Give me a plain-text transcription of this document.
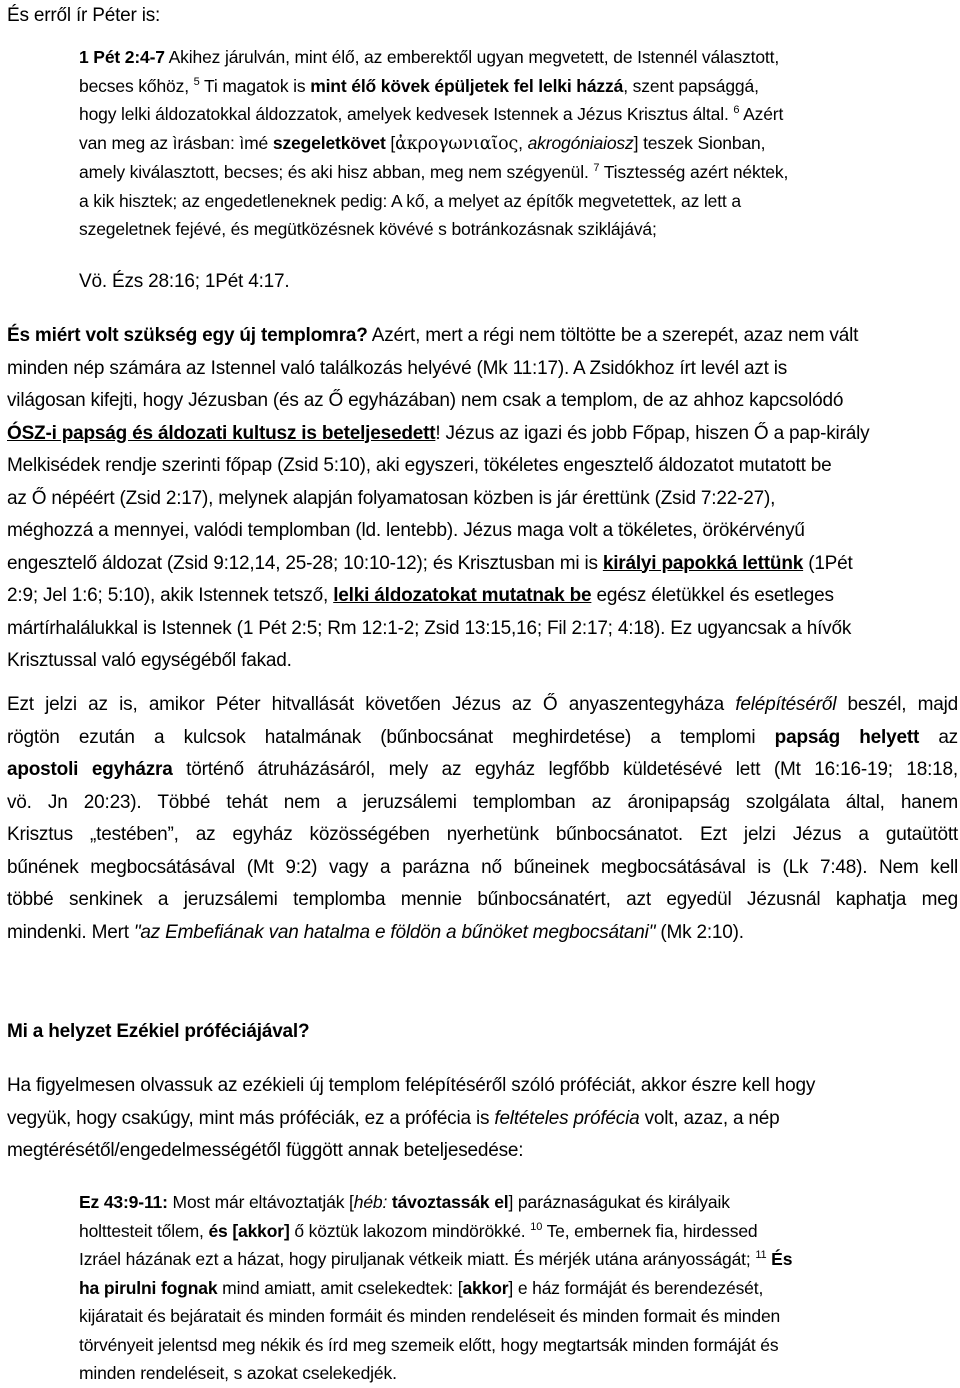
És erről ír Péter is:
1 Pét 2:4-7 Akihez járulván, mint élő, az emberektől ugyan megvetett, de Istennél választott,
becses kőhöz, $^5$ Ti magatok is mint élő kövek épüljetek fel lelki házzá, szent papsággá,
hogy lelki áldozatokkal áldozzatok, amelyek kedvesek Istennek a Jézus Krisztus által. $^6$ Azért
van meg az ìrásban: ìmé szegeletkövet [ἀκρογωνιαῖος, akrogóniaiosz] teszek Sionban,
amely kiválasztott, becses; és aki hisz abban, meg nem szégyenül. $^7$ Tisztesség azért néktek,
a kik hisztek; az engedetleneknek pedig: A kő, a melyet az építők megvetettek, az lett a
szegeletnek fejévé, és megütközésnek kövévé s botránkozásnak sziklájává;
Vö. Ézs 28:16; 1Pét 4:17.
És miért volt szükség egy új templomra? Azért, mert a régi nem töltötte be a szerepét, azaz nem vált
minden nép számára az Istennel való találkozás helyévé (Mk 11:17). A Zsidókhoz írt levél azt is
világosan kifejti, hogy Jézusban (és az Ő egyházában) nem csak a templom, de az ahhoz kapcsolódó
ÓSZ-i papság és áldozati kultusz is beteljesedett! Jézus az igazi és jobb Főpap, hiszen Ő a pap-király
Melkisédek rendje szerinti főpap (Zsid 5:10), aki egyszeri, tökéletes engesztelő áldozatot mutatott be
az Ő népéért (Zsid 2:17), melynek alapján folyamatosan közben is jár érettünk (Zsid 7:22-27),
méghozzá a mennyei, valódi templomban (ld. lentebb). Jézus maga volt a tökéletes, örökérvényű
engesztelő áldozat (Zsid 9:12,14, 25-28; 10:10-12); és Krisztusban mi is királyi papokká lettünk (1Pét
2:9; Jel 1:6; 5:10), akik Istennek tetsző, lelki áldozatokat mutatnak be egész életükkel és esetleges
mártírhalálukkal is Istennek (1 Pét 2:5; Rm 12:1-2; Zsid 13:15,16; Fil 2:17; 4:18). Ez ugyancsak a hívők
Krisztussal való egységéből fakad.
Ezt jelzi az is, amikor Péter hitvallását követően Jézus az Ő anyaszentegyháza felépítéséről beszél, majd
rögtön ezután a kulcsok hatalmának (bűnbocsánat meghirdetése) a templomi papság helyett az
apostoli egyházra történő átruházásáról, mely az egyház legfőbb küldetésévé lett (Mt 16:16-19; 18:18,
vö. Jn 20:23). Többé tehát nem a jeruzsálemi templomban az áronipapság szolgálata által, hanem
Krisztus „testében”, az egyház közösségében nyerhetünk bűnbocsánatot. Ezt jelzi Jézus a gutaütött
bűnének megbocsátásával (Mt 9:2) vagy a parázna nő bűneinek megbocsátásával is (Lk 7:48). Nem kell
többé senkinek a jeruzsálemi templomba mennie bűnbocsánatért, azt egyedül Jézusnál kaphatja meg
mindenki. Mert "az Embefiának van hatalma e földön a bűnöket megbocsátani" (Mk 2:10).
Mi a helyzet Ezékiel próféciájával?
Ha figyelmesen olvassuk az ezékieli új templom felépítéséről szóló próféciát, akkor észre kell hogy
vegyük, hogy csakúgy, mint más próféciák, ez a prófécia is feltételes prófécia volt, azaz, a nép
megtérésétől/engedelmességétől függött annak beteljesedése:
Ez 43:9-11: Most már eltávoztatják [héb: távoztassák el] paráznaságukat és királyaik
holttesteit tőlem, és [akkor] ő köztük lakozom mindörökké. $^{10}$ Te, embernek fia, hirdessed
Izráel házának ezt a házat, hogy piruljanak vétkeik miatt. És mérjék utána arányosságát; $^{11}$ És
ha pirulni fognak mind amiatt, amit cselekedtek: [akkor] e ház formáját és berendezését,
kijáratait és bejáratait és minden formáit és minden rendeléseit és minden formait és minden
törvényeit jelentsd meg nékik és írd meg szemeik előtt, hogy megtartsák minden formáját és
minden rendeléseit, s azokat cselekedjék.
